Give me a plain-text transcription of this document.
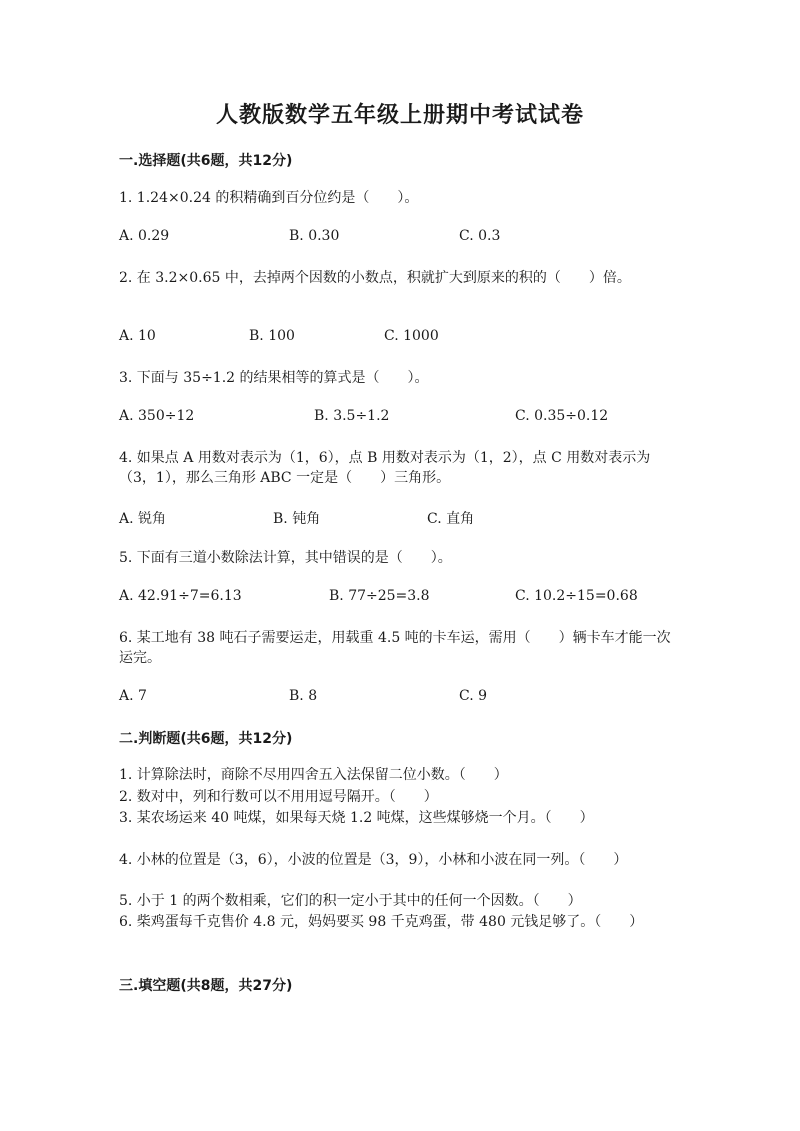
人教版数学五年级上册期中考试试卷
一.选择题(共6题，共12分)
1. 1.24×0.24 的积精确到百分位约是（　　）。
A. 0.29	B. 0.30	C. 0.3
2. 在 3.2×0.65 中，去掉两个因数的小数点，积就扩大到原来的积的（　　）倍。
A. 10	B. 100	C. 1000
3. 下面与 35÷1.2 的结果相等的算式是（　　）。
A. 350÷12	B. 3.5÷1.2	C. 0.35÷0.12
4. 如果点 A 用数对表示为（1，6），点 B 用数对表示为（1，2），点 C 用数对表示为（3，1），那么三角形 ABC 一定是（　　）三角形。
A. 锐角	B. 钝角	C. 直角
5. 下面有三道小数除法计算，其中错误的是（　　）。
A. 42.91÷7=6.13	B. 77÷25=3.8	C. 10.2÷15=0.68
6. 某工地有 38 吨石子需要运走，用载重 4.5 吨的卡车运，需用（　　）辆卡车才能一次运完。
A. 7	B. 8	C. 9
二.判断题(共6题，共12分)
1. 计算除法时，商除不尽用四舍五入法保留二位小数。（　　）
2. 数对中，列和行数可以不用用逗号隔开。（　　）
3. 某农场运来 40 吨煤，如果每天烧 1.2 吨煤，这些煤够烧一个月。（　　）
4. 小林的位置是（3，6），小波的位置是（3，9），小林和小波在同一列。（　　）
5. 小于 1 的两个数相乘，它们的积一定小于其中的任何一个因数。（　　）
6. 柴鸡蛋每千克售价 4.8 元，妈妈要买 98 千克鸡蛋，带 480 元钱足够了。（　　）
三.填空题(共8题，共27分)
